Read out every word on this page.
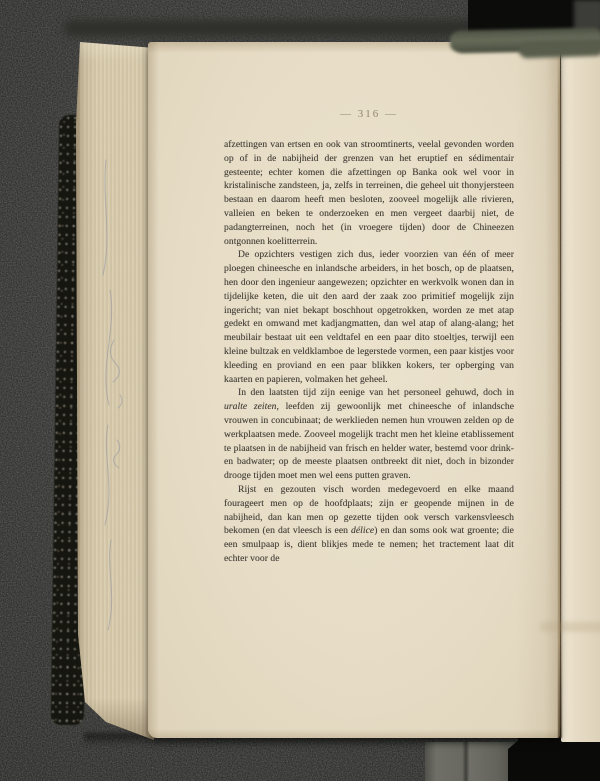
— 316 —

afzettingen van ertsen en ook van stroomtinerts, veelal gevonden worden op of in de nabijheid der grenzen van het eruptief en sédimentair gesteente; echter komen die afzettingen op Banka ook wel voor in kristalinische zandsteen, ja, zelfs in terreinen, die geheel uit thonyjersteen bestaan en daarom heeft men besloten, zooveel mogelijk alle rivieren, valleien en beken te onderzoeken en men vergeet daarbij niet, de padangterreinen, noch het (in vroegere tijden) door de Chineezen ontgonnen koelitterrein.

De opzichters vestigen zich dus, ieder voorzien van één of meer ploegen chineesche en inlandsche arbeiders, in het bosch, op de plaatsen, hen door den ingenieur aangewezen; opzichter en werkvolk wonen dan in tijdelijke keten, die uit den aard der zaak zoo primitief mogelijk zijn ingericht; van niet bekapt boschhout opgetrokken, worden ze met atap gedekt en omwand met kadjangmatten, dan wel atap of alang-alang; het meubilair bestaat uit een veldtafel en een paar dito stoeltjes, terwijl een kleine bultzak en veldklamboe de legerstede vormen, een paar kistjes voor kleeding en proviand en een paar blikken kokers, ter opberging van kaarten en papieren, volmaken het geheel.

In den laatsten tijd zijn eenige van het personeel gehuwd, doch in uralte zeiten, leefden zij gewoonlijk met chineesche of inlandsche vrouwen in concubinaat; de werklieden nemen hun vrouwen zelden op de werkplaatsen mede. Zooveel mogelijk tracht men het kleine etablissement te plaatsen in de nabijheid van frisch en helder water, bestemd voor drink- en badwater; op de meeste plaatsen ontbreekt dit niet, doch in bizonder drooge tijden moet men wel eens putten graven.

Rijst en gezouten visch worden medegevoerd en elke maand fourageert men op de hoofdplaats; zijn er geopende mijnen in de nabijheid, dan kan men op gezette tijden ook versch varkensvleesch bekomen (en dat vleesch is een délice) en dan soms ook wat groente; die een smulpaap is, dient blikjes mede te nemen; het tractement laat dit echter voor de
